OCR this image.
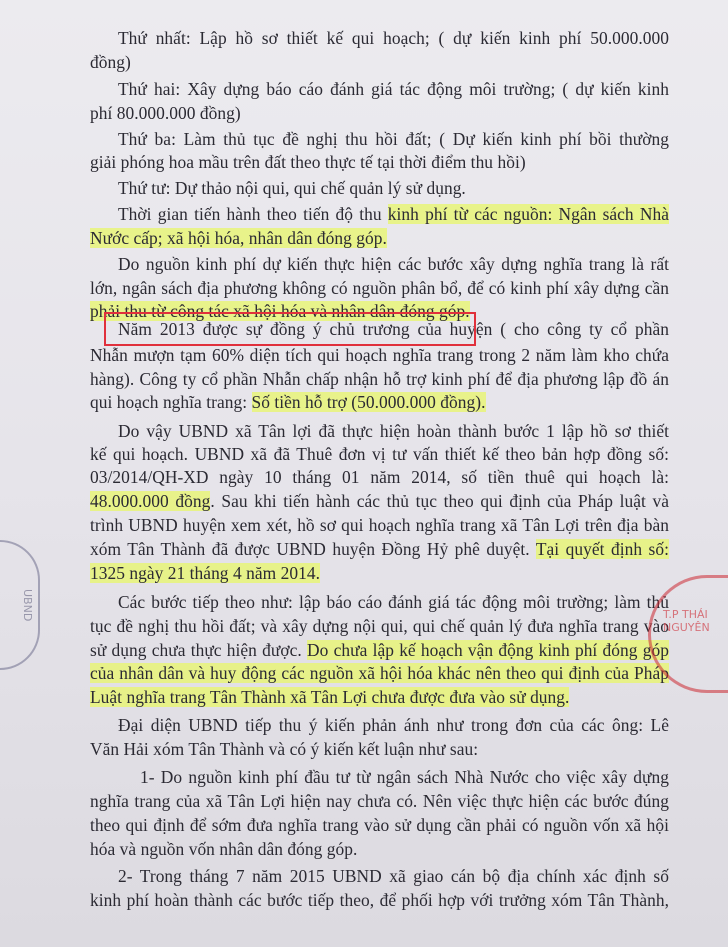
Thứ nhất: Lập hồ sơ thiết kế qui hoạch; ( dự kiến kinh phí 50.000.000
đồng)
Thứ hai: Xây dựng báo cáo đánh giá tác động môi trường; ( dự kiến kinh
phí 80.000.000 đồng)
Thứ ba: Làm thủ tục đề nghị thu hồi đất; ( Dự kiến kinh phí bồi thường
giải phóng hoa mầu trên đất theo thực tế tại thời điểm thu hồi)
Thứ tư: Dự thảo nội qui, qui chế quản lý sử dụng.
Thời gian tiến hành theo tiến độ thu kinh phí từ các nguồn: Ngân sách Nhà
Nước cấp; xã hội hóa, nhân dân đóng góp.
Do nguồn kinh phí dự kiến thực hiện các bước xây dựng nghĩa trang là rất
lớn, ngân sách địa phương không có nguồn phân bổ, để có kinh phí xây dựng cần
phải thu từ công tác xã hội hóa và nhân dân đóng góp.
Năm 2013 được sự đồng ý chủ trương của huyện ( cho công ty cổ phần
Nhẫn mượn tạm 60% diện tích qui hoạch nghĩa trang trong 2 năm làm kho chứa
hàng). Công ty cổ phần Nhẫn chấp nhận hỗ trợ kinh phí để địa phương lập đồ án
qui hoạch nghĩa trang: Số tiền hỗ trợ (50.000.000 đồng).
Do vậy UBND xã Tân lợi đã thực hiện hoàn thành bước 1 lập hồ sơ thiết
kế qui hoạch. UBND xã đã Thuê đơn vị tư vấn thiết kế theo bản hợp đồng số:
03/2014/QH-XD ngày 10 tháng 01 năm 2014, số tiền thuê qui hoạch là:
48.000.000 đồng. Sau khi tiến hành các thủ tục theo qui định của Pháp luật và
trình UBND huyện xem xét, hồ sơ qui hoạch nghĩa trang xã Tân Lợi trên địa bàn
xóm Tân Thành đã được UBND huyện Đồng Hỷ phê duyệt. Tại quyết định số:
1325 ngày 21 tháng 4 năm 2014.
Các bước tiếp theo như: lập báo cáo đánh giá tác động môi trường; làm thủ
tục đề nghị thu hồi đất; và xây dựng nội qui, qui chế quản lý đưa nghĩa trang vào
sử dụng chưa thực hiện được. Do chưa lập kế hoạch vận động kinh phí đóng góp
của nhân dân và huy động các nguồn xã hội hóa khác nên theo qui định của Pháp
Luật nghĩa trang Tân Thành xã Tân Lợi chưa được đưa vào sử dụng.
Đại diện UBND tiếp thu ý kiến phản ánh như trong đơn của các ông: Lê
Văn Hải xóm Tân Thành và có ý kiến kết luận như sau:
1- Do nguồn kinh phí đầu tư từ ngân sách Nhà Nước cho việc xây dựng
nghĩa trang của xã Tân Lợi hiện nay chưa có. Nên việc thực hiện các bước đúng
theo qui định để sớm đưa nghĩa trang vào sử dụng cần phải có nguồn vốn xã hội
hóa và nguồn vốn nhân dân đóng góp.
2- Trong tháng 7 năm 2015 UBND xã giao cán bộ địa chính xác định số
kinh phí hoàn thành các bước tiếp theo, để phối hợp với trưởng xóm Tân Thành,
UBND	T.P THÁI NGUYÊN
